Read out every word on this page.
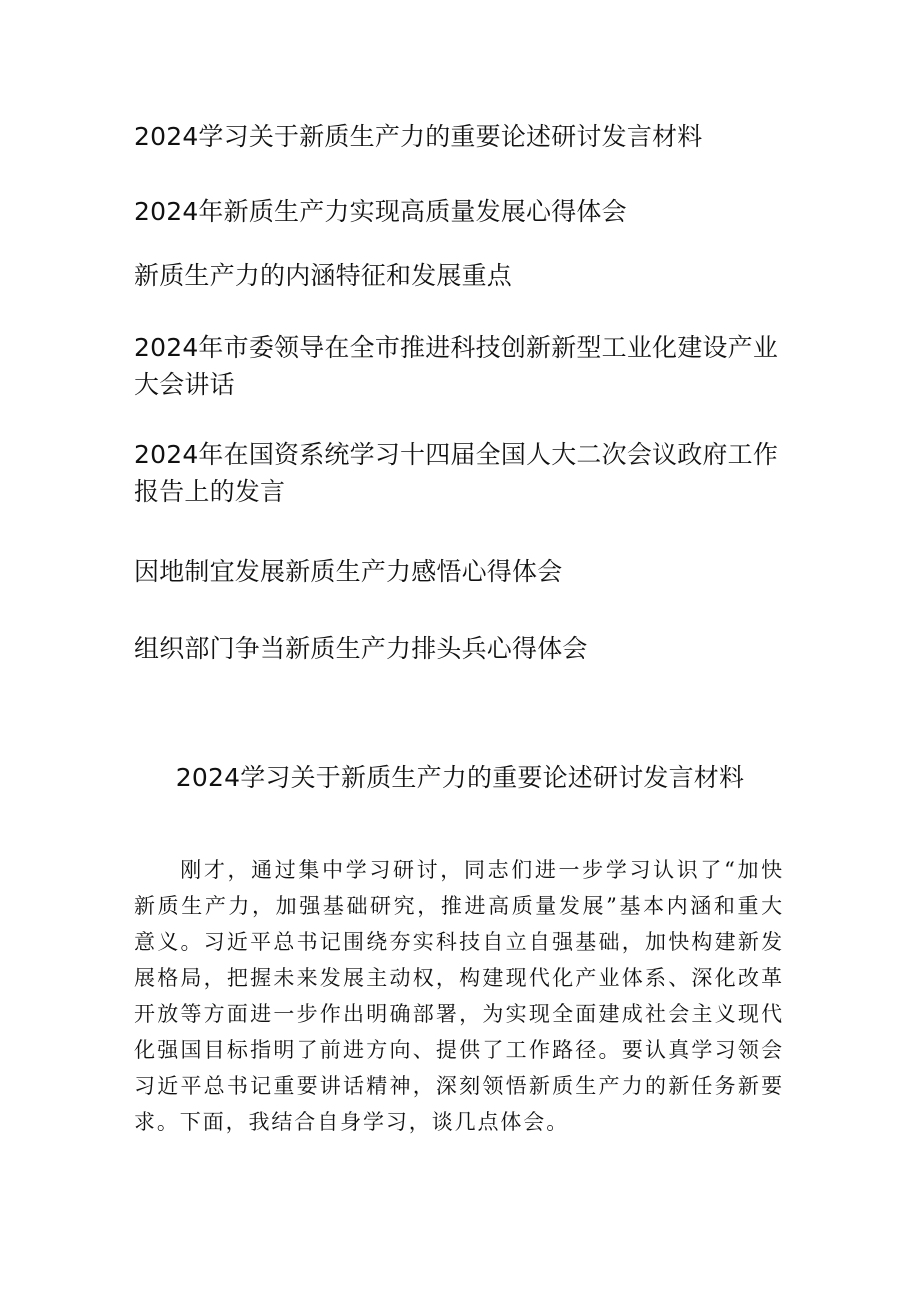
2024学习关于新质生产力的重要论述研讨发言材料
2024年新质生产力实现高质量发展心得体会
新质生产力的内涵特征和发展重点
2024年市委领导在全市推进科技创新新型工业化建设产业大会讲话
2024年在国资系统学习十四届全国人大二次会议政府工作报告上的发言
因地制宜发展新质生产力感悟心得体会
组织部门争当新质生产力排头兵心得体会
2024学习关于新质生产力的重要论述研讨发言材料

刚才，通过集中学习研讨，同志们进一步学习认识了“加快新质生产力，加强基础研究，推进高质量发展”基本内涵和重大意义。习近平总书记围绕夯实科技自立自强基础，加快构建新发展格局，把握未来发展主动权，构建现代化产业体系、深化改革开放等方面进一步作出明确部署，为实现全面建成社会主义现代化强国目标指明了前进方向、提供了工作路径。要认真学习领会习近平总书记重要讲话精神，深刻领悟新质生产力的新任务新要求。下面，我结合自身学习，谈几点体会。
